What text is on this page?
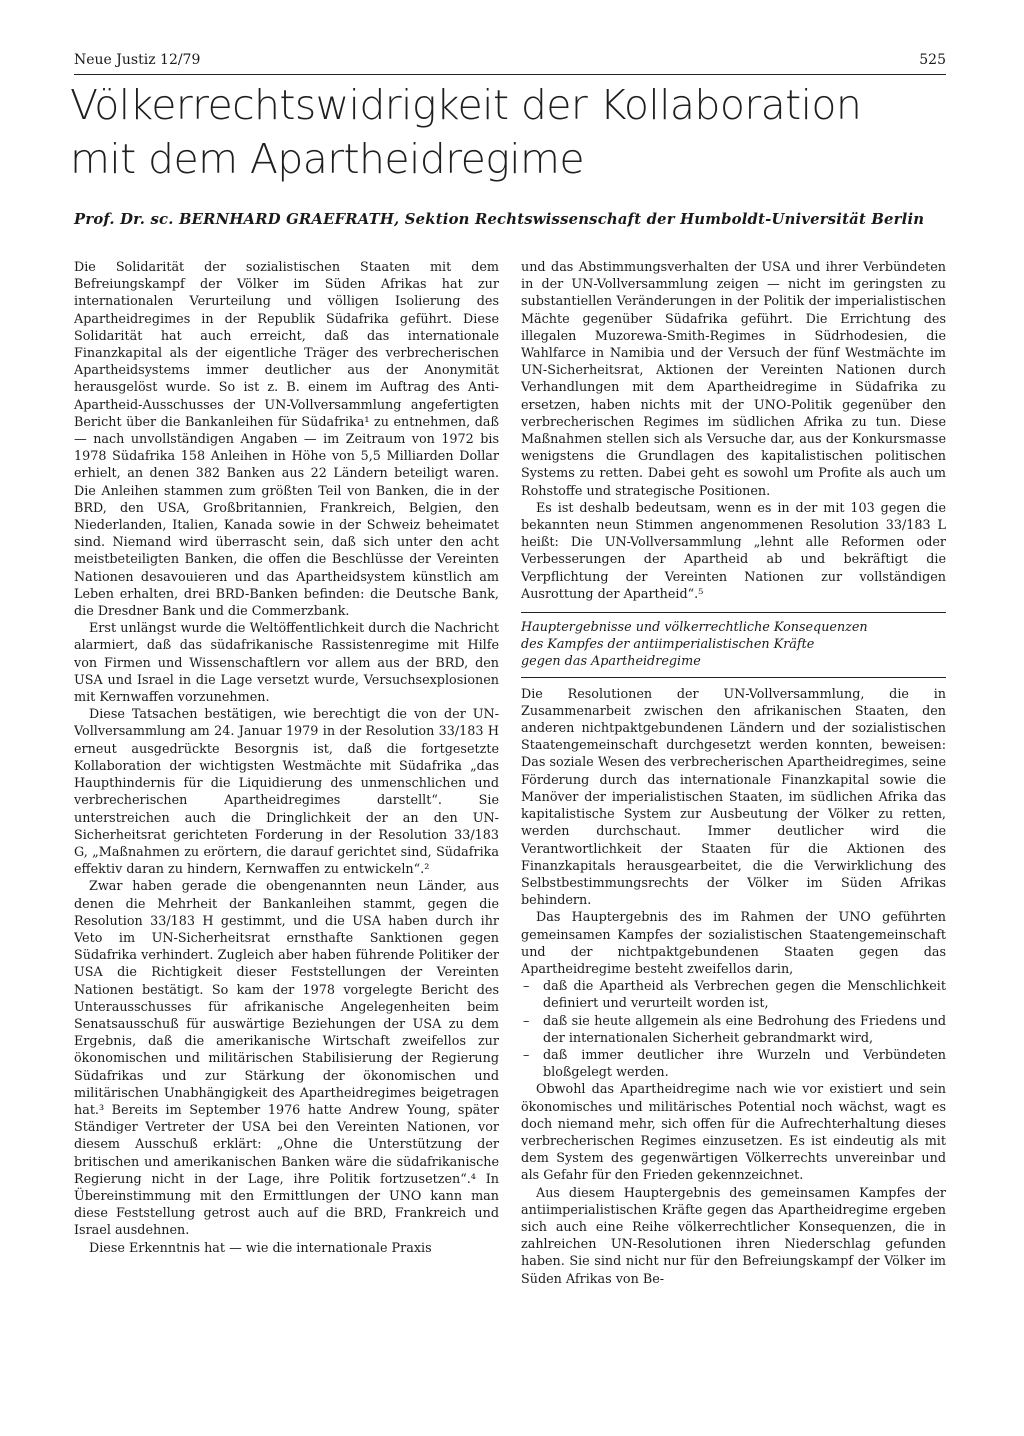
Neue Justiz 12/79	525
Völkerrechtswidrigkeit der Kollaboration
mit dem Apartheidregime
Prof. Dr. sc. BERNHARD GRAEFRATH, Sektion Rechtswissenschaft der Humboldt-Universität Berlin

Die Solidarität der sozialistischen Staaten mit dem Befreiungskampf der Völker im Süden Afrikas hat zur internationalen Verurteilung und völligen Isolierung des Apartheidregimes in der Republik Südafrika geführt. Diese Solidarität hat auch erreicht, daß das internationale Finanzkapital als der eigentliche Träger des verbrecherischen Apartheidsystems immer deutlicher aus der Anonymität herausgelöst wurde. So ist z. B. einem im Auftrag des Anti-Apartheid-Ausschusses der UN-Vollversammlung angefertigten Bericht über die Bankanleihen für Südafrika¹ zu entnehmen, daß — nach unvollständigen Angaben — im Zeitraum von 1972 bis 1978 Südafrika 158 Anleihen in Höhe von 5,5 Milliarden Dollar erhielt, an denen 382 Banken aus 22 Ländern beteiligt waren. Die Anleihen stammen zum größten Teil von Banken, die in der BRD, den USA, Großbritannien, Frankreich, Belgien, den Niederlanden, Italien, Kanada sowie in der Schweiz beheimatet sind. Niemand wird überrascht sein, daß sich unter den acht meistbeteiligten Banken, die offen die Beschlüsse der Vereinten Nationen desavouieren und das Apartheidsystem künstlich am Leben erhalten, drei BRD-Banken befinden: die Deutsche Bank, die Dresdner Bank und die Commerzbank.

Erst unlängst wurde die Weltöffentlichkeit durch die Nachricht alarmiert, daß das südafrikanische Rassistenregime mit Hilfe von Firmen und Wissenschaftlern vor allem aus der BRD, den USA und Israel in die Lage versetzt wurde, Versuchsexplosionen mit Kernwaffen vorzunehmen.

Diese Tatsachen bestätigen, wie berechtigt die von der UN-Vollversammlung am 24. Januar 1979 in der Resolution 33/183 H erneut ausgedrückte Besorgnis ist, daß die fortgesetzte Kollaboration der wichtigsten Westmächte mit Südafrika „das Haupthindernis für die Liquidierung des unmenschlichen und verbrecherischen Apartheidregimes darstellt“. Sie unterstreichen auch die Dringlichkeit der an den UN-Sicherheitsrat gerichteten Forderung in der Resolution 33/183 G, „Maßnahmen zu erörtern, die darauf gerichtet sind, Südafrika effektiv daran zu hindern, Kernwaffen zu entwickeln“.²

Zwar haben gerade die obengenannten neun Länder, aus denen die Mehrheit der Bankanleihen stammt, gegen die Resolution 33/183 H gestimmt, und die USA haben durch ihr Veto im UN-Sicherheitsrat ernsthafte Sanktionen gegen Südafrika verhindert. Zugleich aber haben führende Politiker der USA die Richtigkeit dieser Feststellungen der Vereinten Nationen bestätigt. So kam der 1978 vorgelegte Bericht des Unterausschusses für afrikanische Angelegenheiten beim Senatsausschuß für auswärtige Beziehungen der USA zu dem Ergebnis, daß die amerikanische Wirtschaft zweifellos zur ökonomischen und militärischen Stabilisierung der Regierung Südafrikas und zur Stärkung der ökonomischen und militärischen Unabhängigkeit des Apartheidregimes beigetragen hat.³ Bereits im September 1976 hatte Andrew Young, später Ständiger Vertreter der USA bei den Vereinten Nationen, vor diesem Ausschuß erklärt: „Ohne die Unterstützung der britischen und amerikanischen Banken wäre die südafrikanische Regierung nicht in der Lage, ihre Politik fortzusetzen“.⁴ In Übereinstimmung mit den Ermittlungen der UNO kann man diese Feststellung getrost auch auf die BRD, Frankreich und Israel ausdehnen.

Diese Erkenntnis hat — wie die internationale Praxis

und das Abstimmungsverhalten der USA und ihrer Verbündeten in der UN-Vollversammlung zeigen — nicht im geringsten zu substantiellen Veränderungen in der Politik der imperialistischen Mächte gegenüber Südafrika geführt. Die Errichtung des illegalen Muzorewa-Smith-Regimes in Südrhodesien, die Wahlfarce in Namibia und der Versuch der fünf Westmächte im UN-Sicherheitsrat, Aktionen der Vereinten Nationen durch Verhandlungen mit dem Apartheidregime in Südafrika zu ersetzen, haben nichts mit der UNO-Politik gegenüber den verbrecherischen Regimes im südlichen Afrika zu tun. Diese Maßnahmen stellen sich als Versuche dar, aus der Konkursmasse wenigstens die Grundlagen des kapitalistischen politischen Systems zu retten. Dabei geht es sowohl um Profite als auch um Rohstoffe und strategische Positionen.

Es ist deshalb bedeutsam, wenn es in der mit 103 gegen die bekannten neun Stimmen angenommenen Resolution 33/183 L heißt: Die UN-Vollversammlung „lehnt alle Reformen oder Verbesserungen der Apartheid ab und bekräftigt die Verpflichtung der Vereinten Nationen zur vollständigen Ausrottung der Apartheid“.⁵

Hauptergebnisse und völkerrechtliche Konsequenzen
des Kampfes der antiimperialistischen Kräfte
gegen das Apartheidregime

Die Resolutionen der UN-Vollversammlung, die in Zusammenarbeit zwischen den afrikanischen Staaten, den anderen nichtpaktgebundenen Ländern und der sozialistischen Staatengemeinschaft durchgesetzt werden konnten, beweisen: Das soziale Wesen des verbrecherischen Apartheidregimes, seine Förderung durch das internationale Finanzkapital sowie die Manöver der imperialistischen Staaten, im südlichen Afrika das kapitalistische System zur Ausbeutung der Völker zu retten, werden durchschaut. Immer deutlicher wird die Verantwortlichkeit der Staaten für die Aktionen des Finanzkapitals herausgearbeitet, die die Verwirklichung des Selbstbestimmungsrechts der Völker im Süden Afrikas behindern.

Das Hauptergebnis des im Rahmen der UNO geführten gemeinsamen Kampfes der sozialistischen Staatengemeinschaft und der nichtpaktgebundenen Staaten gegen das Apartheidregime besteht zweifellos darin,

– daß die Apartheid als Verbrechen gegen die Menschlichkeit definiert und verurteilt worden ist,
– daß sie heute allgemein als eine Bedrohung des Friedens und der internationalen Sicherheit gebrandmarkt wird,
– daß immer deutlicher ihre Wurzeln und Verbündeten bloßgelegt werden.

Obwohl das Apartheidregime nach wie vor existiert und sein ökonomisches und militärisches Potential noch wächst, wagt es doch niemand mehr, sich offen für die Aufrechterhaltung dieses verbrecherischen Regimes einzusetzen. Es ist eindeutig als mit dem System des gegenwärtigen Völkerrechts unvereinbar und als Gefahr für den Frieden gekennzeichnet.

Aus diesem Hauptergebnis des gemeinsamen Kampfes der antiimperialistischen Kräfte gegen das Apartheidregime ergeben sich auch eine Reihe völkerrechtlicher Konsequenzen, die in zahlreichen UN-Resolutionen ihren Niederschlag gefunden haben. Sie sind nicht nur für den Befreiungskampf der Völker im Süden Afrikas von Be-
